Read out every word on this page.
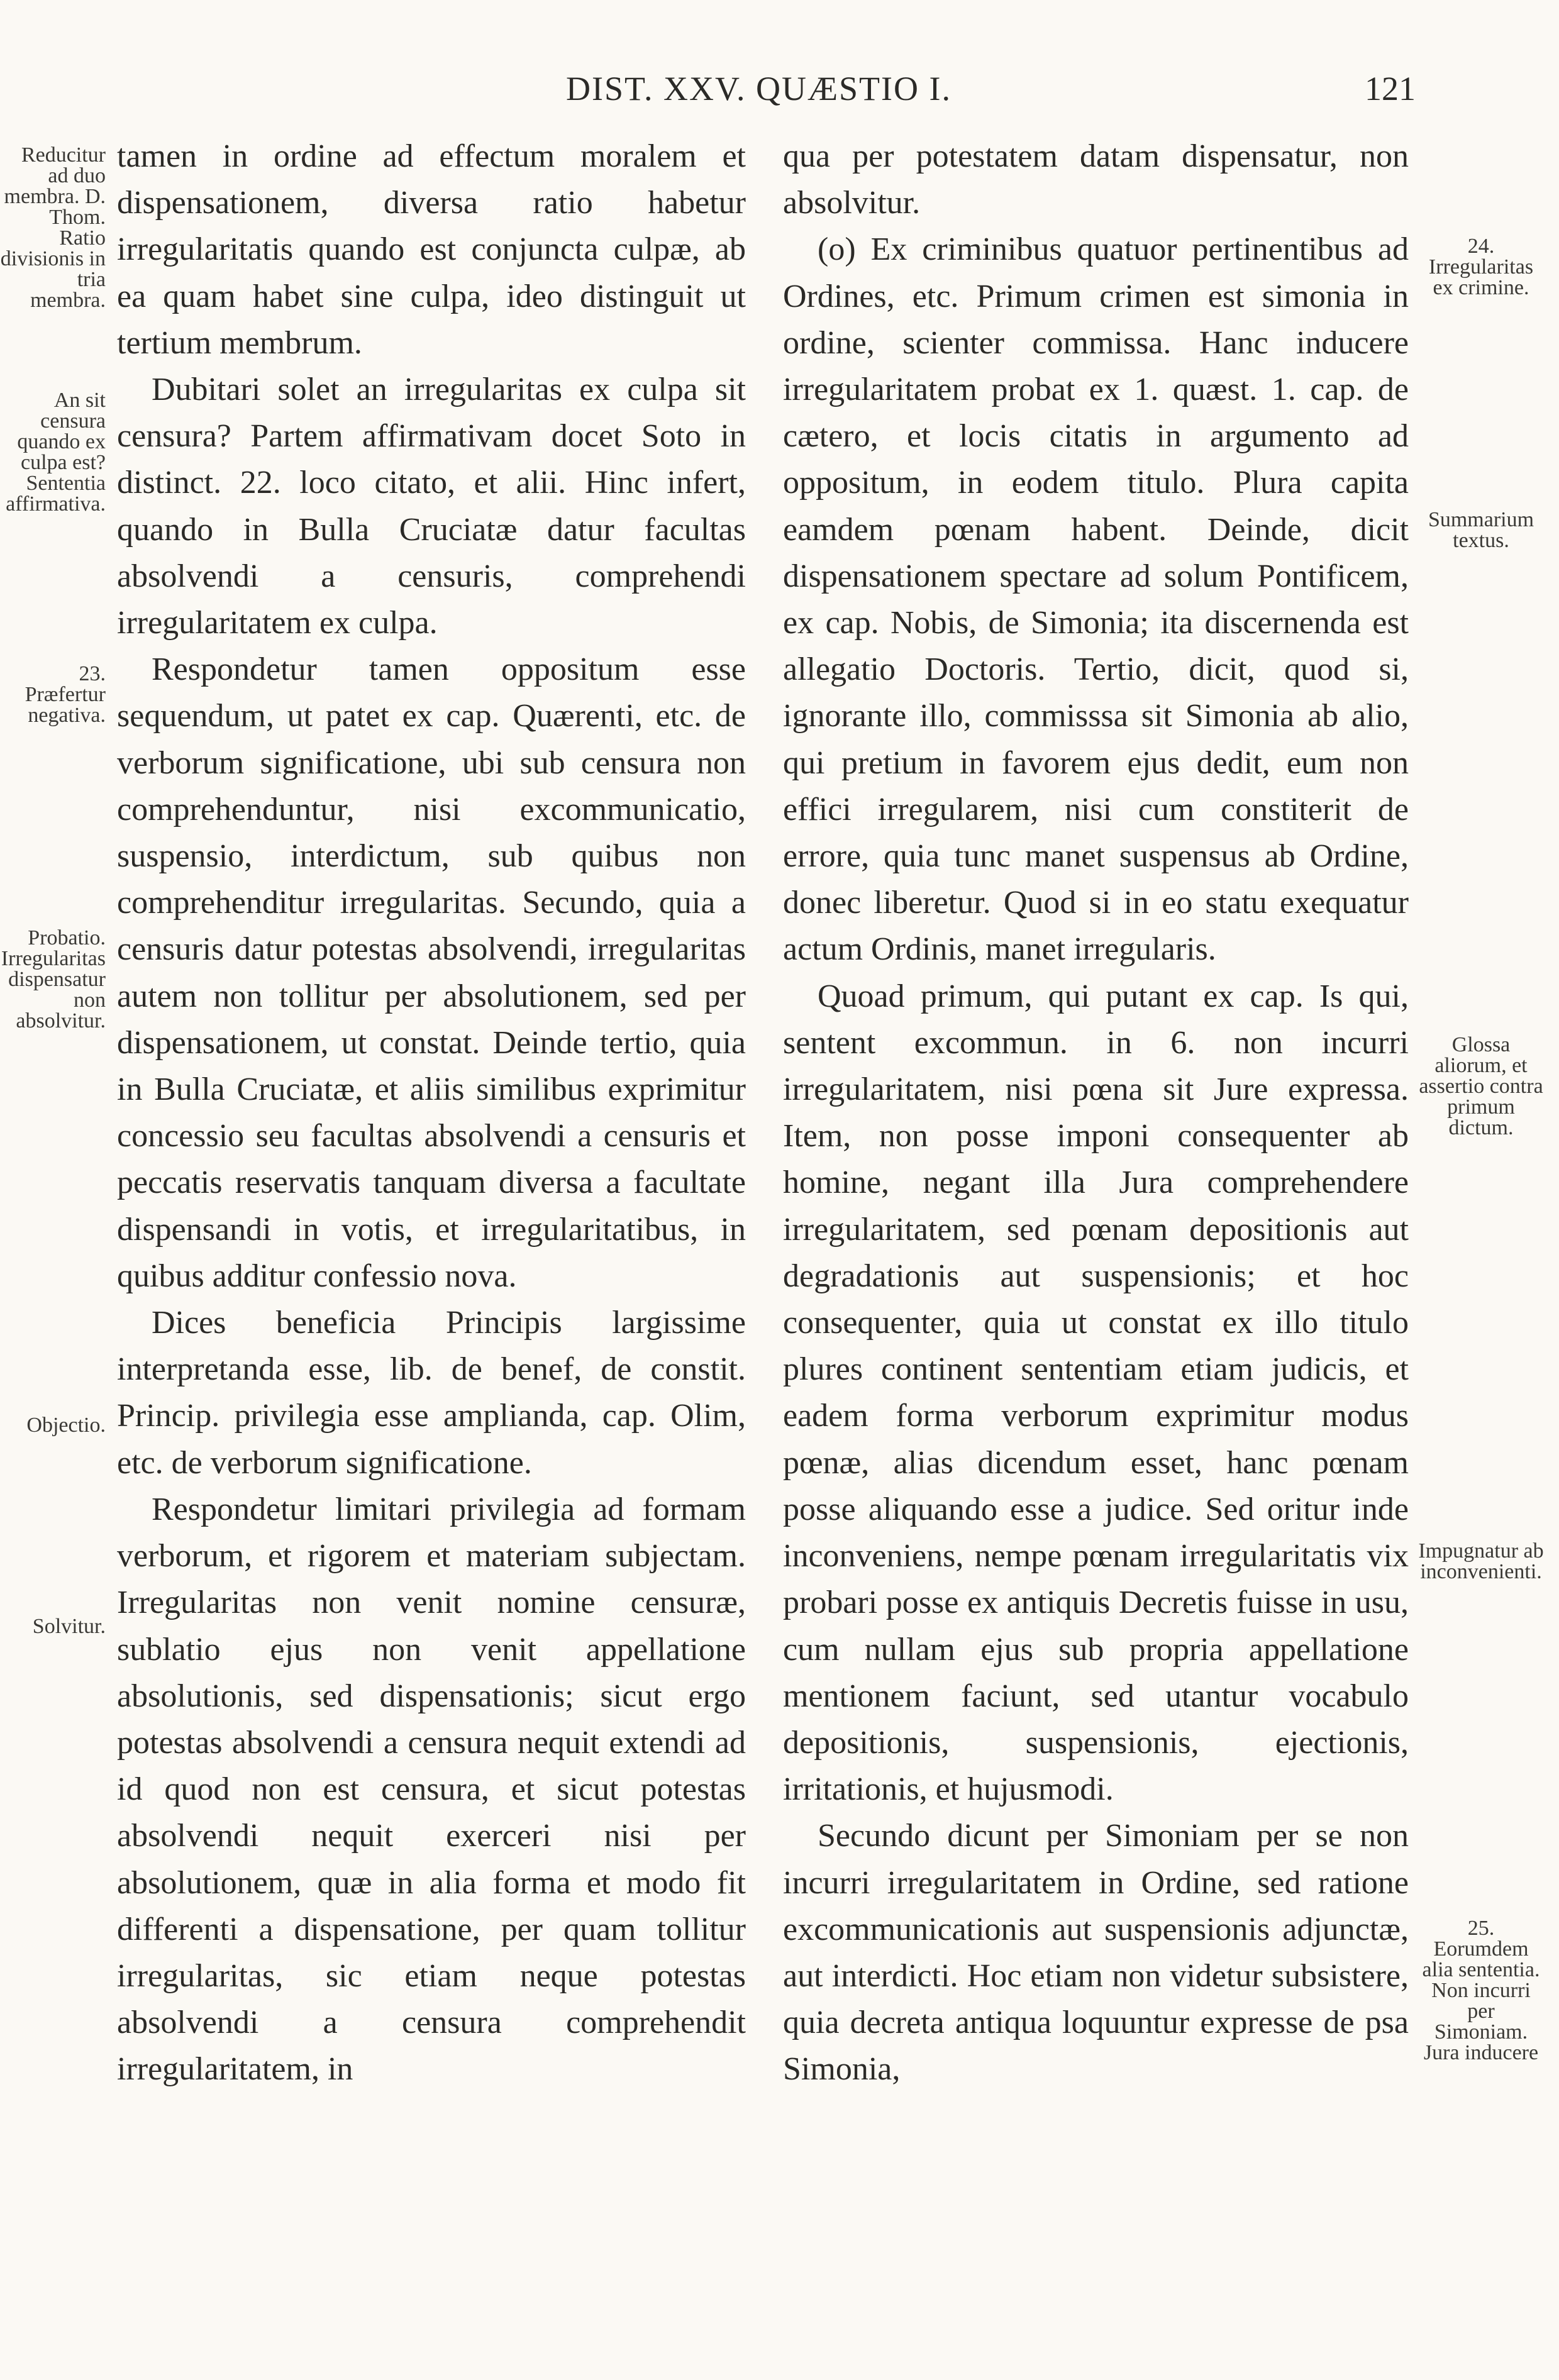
DIST. XXV. QUÆSTIO I.	121

tamen in ordine ad effectum moralem et dispensationem, diversa ratio habetur irregularitatis quando est conjuncta culpæ, ab ea quam habet sine culpa, ideo distinguit ut tertium membrum.

Dubitari solet an irregularitas ex culpa sit censura? Partem affirmativam docet Soto in distinct. 22. loco citato, et alii. Hinc infert, quando in Bulla Cruciatæ datur facultas absolvendi a censuris, comprehendi irregularitatem ex culpa.

Respondetur tamen oppositum esse sequendum, ut patet ex cap. Quærenti, etc. de verborum significatione, ubi sub censura non comprehenduntur, nisi excommunicatio, suspensio, interdictum, sub quibus non comprehenditur irregularitas. Secundo, quia a censuris datur potestas absolvendi, irregularitas autem non tollitur per absolutionem, sed per dispensationem, ut constat. Deinde tertio, quia in Bulla Cruciatæ, et aliis similibus exprimitur concessio seu facultas absolvendi a censuris et peccatis reservatis tanquam diversa a facultate dispensandi in votis, et irregularitatibus, in quibus additur confessio nova.

Dices beneficia Principis largissime interpretanda esse, lib. de benef, de constit. Princip. privilegia esse amplianda, cap. Olim, etc. de verborum significatione.

Respondetur limitari privilegia ad formam verborum, et rigorem et materiam subjectam. Irregularitas non venit nomine censuræ, sublatio ejus non venit appellatione absolutionis, sed dispensationis; sicut ergo potestas absolvendi a censura nequit extendi ad id quod non est censura, et sicut potestas absolvendi nequit exerceri nisi per absolutionem, quæ in alia forma et modo fit differenti a dispensatione, per quam tollitur irregularitas, sic etiam neque potestas absolvendi a censura comprehendit irregularitatem, in

qua per potestatem datam dispensatur, non absolvitur.

(o) Ex criminibus quatuor pertinentibus ad Ordines, etc. Primum crimen est simonia in ordine, scienter commissa. Hanc inducere irregularitatem probat ex 1. quæst. 1. cap. de cætero, et locis citatis in argumento ad oppositum, in eodem titulo. Plura capita eamdem pœnam habent. Deinde, dicit dispensationem spectare ad solum Pontificem, ex cap. Nobis, de Simonia; ita discernenda est allegatio Doctoris. Tertio, dicit, quod si, ignorante illo, commisssa sit Simonia ab alio, qui pretium in favorem ejus dedit, eum non effici irregularem, nisi cum constiterit de errore, quia tunc manet suspensus ab Ordine, donec liberetur. Quod si in eo statu exequatur actum Ordinis, manet irregularis.

Quoad primum, qui putant ex cap. Is qui, sentent excommun. in 6. non incurri irregularitatem, nisi pœna sit Jure expressa. Item, non posse imponi consequenter ab homine, negant illa Jura comprehendere irregularitatem, sed pœnam depositionis aut degradationis aut suspensionis; et hoc consequenter, quia ut constat ex illo titulo plures continent sententiam etiam judicis, et eadem forma verborum exprimitur modus pœnæ, alias dicendum esset, hanc pœnam posse aliquando esse a judice. Sed oritur inde inconveniens, nempe pœnam irregularitatis vix probari posse ex antiquis Decretis fuisse in usu, cum nullam ejus sub propria appellatione mentionem faciunt, sed utantur vocabulo depositionis, suspensionis, ejectionis, irritationis, et hujusmodi.

Secundo dicunt per Simoniam per se non incurri irregularitatem in Ordine, sed ratione excommunicationis aut suspensionis adjunctæ, aut interdicti. Hoc etiam non videtur subsistere, quia decreta antiqua loquuntur expresse de psa Simonia,

Reducitur ad duo membra. D. Thom. Ratio divisionis in tria membra.
An sit censura quando ex culpa est? Sententia affirmativa.
23. Præfertur negativa.
Probatio. Irregularitas dispensatur non absolvitur.
Objectio.
Solvitur.
24. Irregularitas ex crimine.
Summarium textus.
Glossa aliorum, et assertio contra primum dictum.
Impugnatur ab inconvenienti.
25. Eorumdem alia sententia. Non incurri per Simoniam. Jura inducere
